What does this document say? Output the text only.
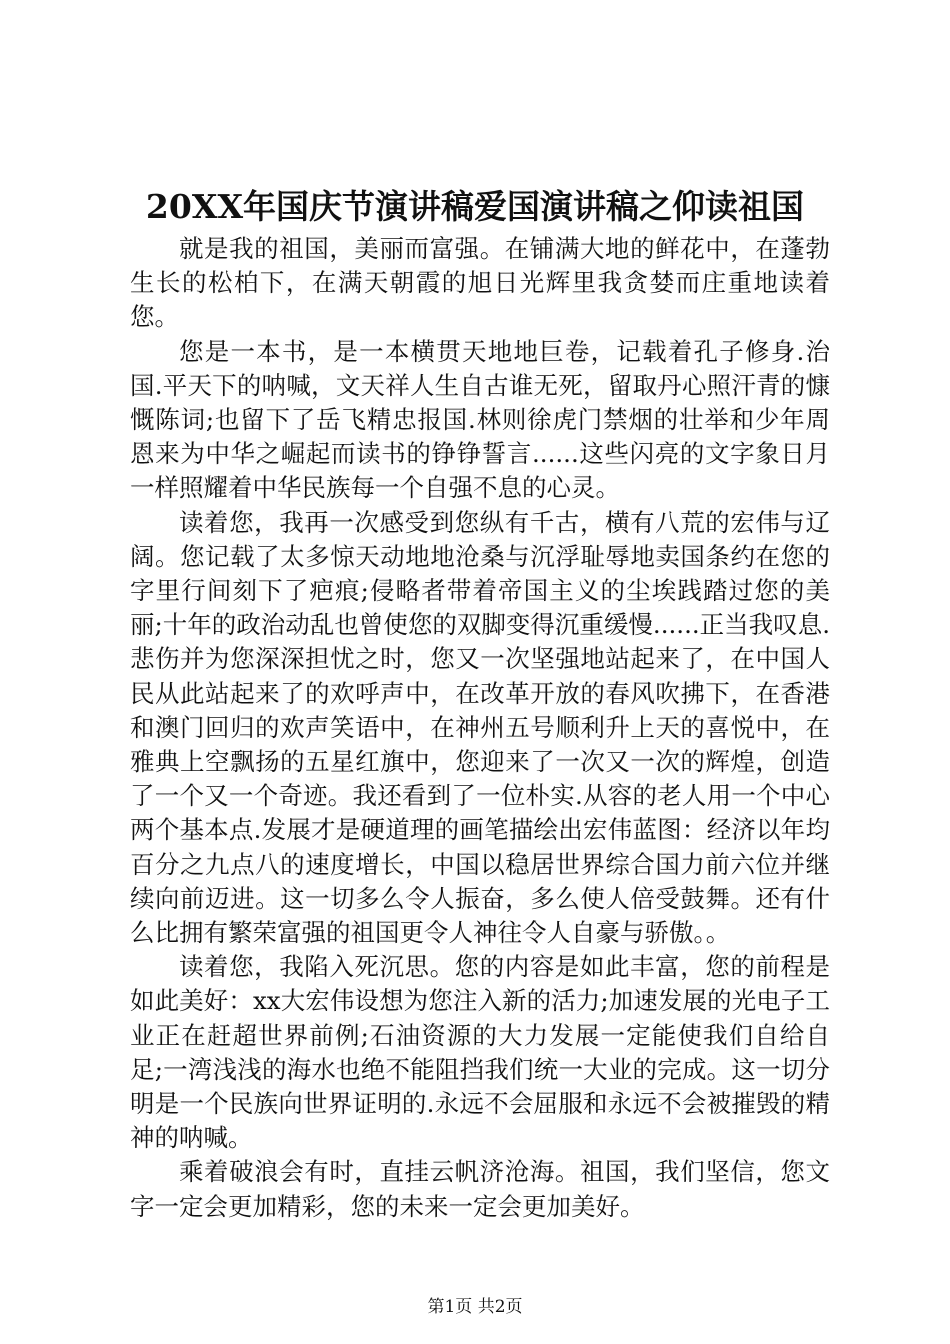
20XX年国庆节演讲稿爱国演讲稿之仰读祖国

就是我的祖国，美丽而富强。在铺满大地的鲜花中，在蓬勃生长的松柏下，在满天朝霞的旭日光辉里我贪婪而庄重地读着您。

您是一本书，是一本横贯天地地巨卷，记载着孔子修身.治国.平天下的呐喊，文天祥人生自古谁无死，留取丹心照汗青的慷慨陈词;也留下了岳飞精忠报国.林则徐虎门禁烟的壮举和少年周恩来为中华之崛起而读书的铮铮誓言......这些闪亮的文字象日月一样照耀着中华民族每一个自强不息的心灵。

读着您，我再一次感受到您纵有千古，横有八荒的宏伟与辽阔。您记载了太多惊天动地地沧桑与沉浮耻辱地卖国条约在您的字里行间刻下了疤痕;侵略者带着帝国主义的尘埃践踏过您的美丽;十年的政治动乱也曾使您的双脚变得沉重缓慢......正当我叹息.悲伤并为您深深担忧之时，您又一次坚强地站起来了，在中国人民从此站起来了的欢呼声中，在改革开放的春风吹拂下，在香港和澳门回归的欢声笑语中，在神州五号顺利升上天的喜悦中，在雅典上空飘扬的五星红旗中，您迎来了一次又一次的辉煌，创造了一个又一个奇迹。我还看到了一位朴实.从容的老人用一个中心两个基本点.发展才是硬道理的画笔描绘出宏伟蓝图：经济以年均百分之九点八的速度增长，中国以稳居世界综合国力前六位并继续向前迈进。这一切多么令人振奋，多么使人倍受鼓舞。还有什么比拥有繁荣富强的祖国更令人神往令人自豪与骄傲。。

读着您，我陷入死沉思。您的内容是如此丰富，您的前程是如此美好：xx大宏伟设想为您注入新的活力;加速发展的光电子工业正在赶超世界前例;石油资源的大力发展一定能使我们自给自足;一湾浅浅的海水也绝不能阻挡我们统一大业的完成。这一切分明是一个民族向世界证明的.永远不会屈服和永远不会被摧毁的精神的呐喊。

乘着破浪会有时，直挂云帆济沧海。祖国，我们坚信，您文字一定会更加精彩，您的未来一定会更加美好。

第1页 共2页
